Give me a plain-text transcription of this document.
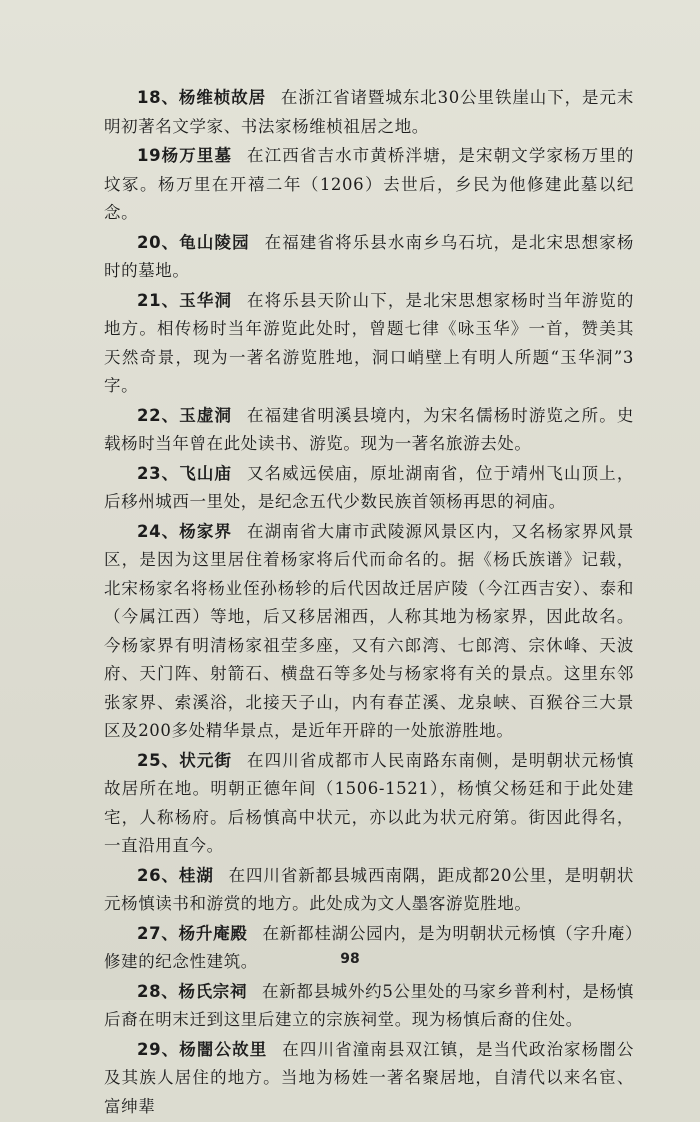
18、杨维桢故居 在浙江省诸暨城东北30公里铁崖山下，是元末明初著名文学家、书法家杨维桢祖居之地。

19杨万里墓 在江西省吉水市黄桥泮塘，是宋朝文学家杨万里的坟冢。杨万里在开禧二年（1206）去世后，乡民为他修建此墓以纪念。

20、龟山陵园 在福建省将乐县水南乡乌石坑，是北宋思想家杨时的墓地。

21、玉华洞 在将乐县天阶山下，是北宋思想家杨时当年游览的地方。相传杨时当年游览此处时，曾题七律《咏玉华》一首，赞美其天然奇景，现为一著名游览胜地，洞口峭壁上有明人所题“玉华洞”3字。

22、玉虚洞 在福建省明溪县境内，为宋名儒杨时游览之所。史载杨时当年曾在此处读书、游览。现为一著名旅游去处。

23、飞山庙 又名威远侯庙，原址湖南省，位于靖州飞山顶上，后移州城西一里处，是纪念五代少数民族首领杨再思的祠庙。

24、杨家界 在湖南省大庸市武陵源风景区内，又名杨家界风景区，是因为这里居住着杨家将后代而命名的。据《杨氏族谱》记载，北宋杨家名将杨业侄孙杨轸的后代因故迁居庐陵（今江西吉安）、泰和（今属江西）等地，后又移居湘西，人称其地为杨家界，因此故名。今杨家界有明清杨家祖茔多座，又有六郎湾、七郎湾、宗休峰、天波府、天门阵、射箭石、横盘石等多处与杨家将有关的景点。这里东邻张家界、索溪浴，北接天子山，内有春芷溪、龙泉峡、百猴谷三大景区及200多处精华景点，是近年开辟的一处旅游胜地。

25、状元街 在四川省成都市人民南路东南侧，是明朝状元杨慎故居所在地。明朝正德年间（1506-1521），杨慎父杨廷和于此处建宅，人称杨府。后杨慎高中状元，亦以此为状元府第。街因此得名，一直沿用直今。

26、桂湖 在四川省新都县城西南隅，距成都20公里，是明朝状元杨慎读书和游赏的地方。此处成为文人墨客游览胜地。

27、杨升庵殿 在新都桂湖公园内，是为明朝状元杨慎（字升庵）修建的纪念性建筑。

28、杨氏宗祠 在新都县城外约5公里处的马家乡普利村，是杨慎后裔在明末迁到这里后建立的宗族祠堂。现为杨慎后裔的住处。

29、杨闇公故里 在四川省潼南县双江镇，是当代政治家杨闇公及其族人居住的地方。当地为杨姓一著名聚居地，自清代以来名宦、富绅辈

98
